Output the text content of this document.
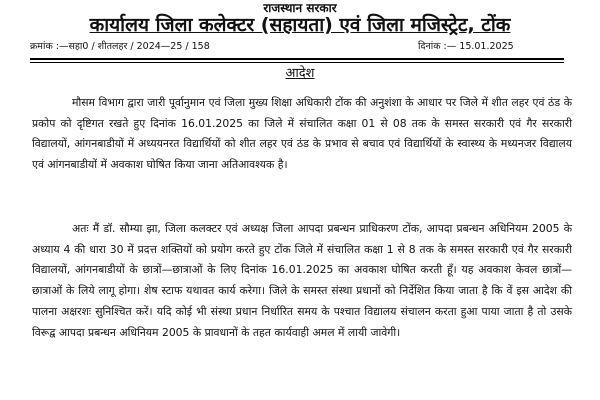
राजस्थान सरकार
कार्यालय जिला कलेक्टर (सहायता) एवं जिला मजिस्ट्रेट, टोंक
क्रमांक :—सहा0 / शीतलहर / 2024—25 / 158	दिनांक :— 15.01.2025
आदेश

मौसम विभाग द्वारा जारी पूर्वानुमान एवं जिला मुख्य शिक्षा अधिकारी टोंक की अनुशंशा के आधार पर जिले में शीत लहर एवं ठंड के प्रकोप को दृष्टिगत रखते हुए दिनांक 16.01.2025 का जिले में संचालित कक्षा 01 से 08 तक के समस्त सरकारी एवं गैर सरकारी विद्यालयों, आंगनबाडीयों में अध्ययनरत विद्यार्थियों को शीत लहर एवं ठंड के प्रभाव से बचाव एवं विद्यार्थियों के स्वास्थ्य के मध्यनजर विद्यालय एवं आंगनबाडीयों में अवकाश घोषित किया जाना अतिआवश्यक है।

अतः मैं डॉ. सौम्या झा, जिला कलक्टर एवं अध्यक्ष जिला आपदा प्रबन्धन प्राधिकरण टोंक, आपदा प्रबन्धन अधिनियम 2005 के अध्याय 4 की धारा 30 में प्रदत्त शक्तियों को प्रयोग करते हुए टोंक जिले में संचालित कक्षा 1 से 8 तक के समस्त सरकारी एवं गैर सरकारी विद्यालयों, आंगनबाडीयों के छात्रों—छात्राओं के लिए दिनांक 16.01.2025 का अवकाश घोषित करती हूँ। यह अवकाश केवल छात्रों—छात्राओं के लिये लागू होगा। शेष स्टाफ यथावत कार्य करेगा। जिले के समस्त संस्था प्रधानों को निर्देशित किया जाता है कि वें इस आदेश की पालना अक्षरशः सुनिश्चित करें। यदि कोई भी संस्था प्रधान निर्धारित समय के पश्चात विद्यालय संचालन करता हुआ पाया जाता है तो उसके विरूद्व आपदा प्रबन्धन अधिनियम 2005 के प्रावधानों के तहत कार्यवाही अमल में लायी जावेगी।
